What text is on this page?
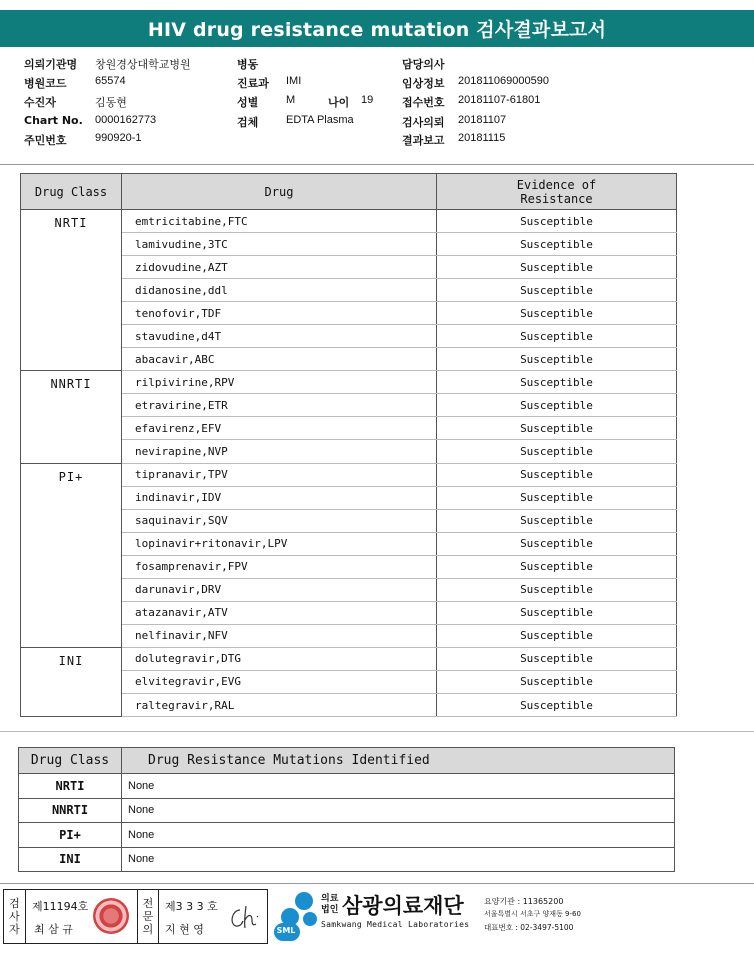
HIV drug resistance mutation 검사결과보고서
의뢰기관명 창원경상대학교병원
병원코드	65574
수진자	김동현
Chart No. 0000162773
주민번호	990920-1
병동
진료과 IMI
성별	M	나이 19
검체	EDTA Plasma
담당의사
임상정보 201811069000590
접수번호 20181107-61801
검사의뢰 20181107
결과보고 20181115
Drug Class	Drug	Evidence of
Resistance
NRTI	emtricitabine,FTC	Susceptible
	lamivudine,3TC	Susceptible
	zidovudine,AZT	Susceptible
	didanosine,ddl	Susceptible
	tenofovir,TDF	Susceptible
	stavudine,d4T	Susceptible
	abacavir,ABC	Susceptible
NNRTI	rilpivirine,RPV	Susceptible
	etravirine,ETR	Susceptible
	efavirenz,EFV	Susceptible
	nevirapine,NVP	Susceptible
PI+	tipranavir,TPV	Susceptible
	indinavir,IDV	Susceptible
	saquinavir,SQV	Susceptible
	lopinavir+ritonavir,LPV	Susceptible
	fosamprenavir,FPV	Susceptible
	darunavir,DRV	Susceptible
	atazanavir,ATV	Susceptible
	nelfinavir,NFV	Susceptible
INI	dolutegravir,DTG	Susceptible
	elvitegravir,EVG	Susceptible
	raltegravir,RAL	Susceptible
Drug Class	Drug Resistance Mutations Identified
NRTI	None
NNRTI	None
PI+	None
INI	None
검
사
자
제11194호
최 삼 규
전
문
의
제3 3 3 호
지 현 영	SML
의료
법인 삼광의료재단
Samkwang Medical Laboratories
요양기관 : 11365200
서울특별시 서초구 양재동 9-60
대표번호 : 02-3497-5100
